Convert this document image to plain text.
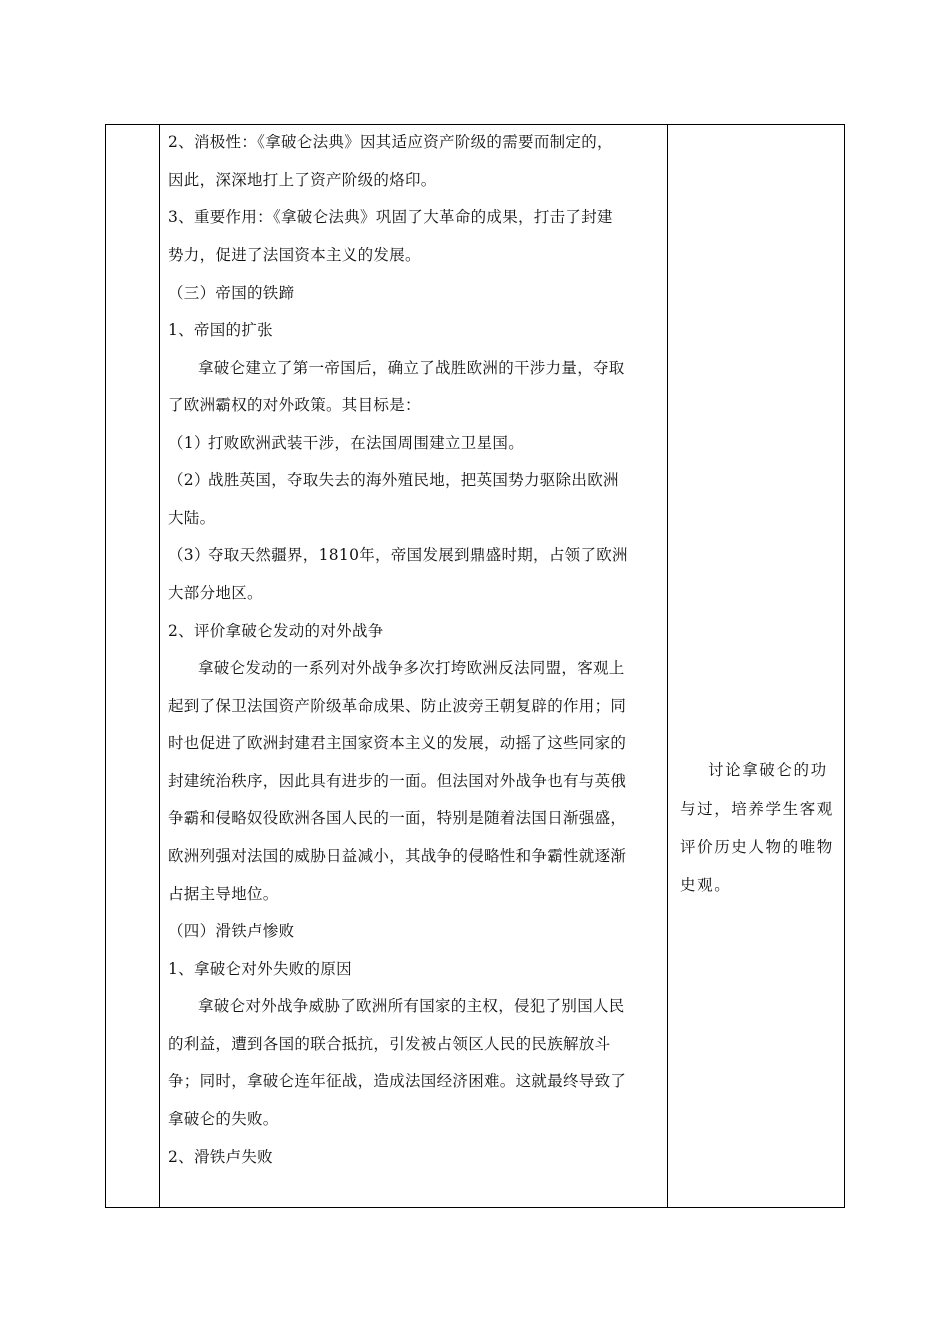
2、消极性：《拿破仑法典》因其适应资产阶级的需要而制定的，
因此，深深地打上了资产阶级的烙印。
3、重要作用：《拿破仑法典》巩固了大革命的成果，打击了封建
势力，促进了法国资本主义的发展。
（三）帝国的铁蹄
1、帝国的扩张
拿破仑建立了第一帝国后，确立了战胜欧洲的干涉力量，夺取
了欧洲霸权的对外政策。其目标是：
（1）打败欧洲武装干涉，在法国周围建立卫星国。
（2）战胜英国，夺取失去的海外殖民地，把英国势力驱除出欧洲
大陆。
（3）夺取天然疆界，1810年，帝国发展到鼎盛时期，占领了欧洲
大部分地区。
2、评价拿破仑发动的对外战争
拿破仑发动的一系列对外战争多次打垮欧洲反法同盟，客观上
起到了保卫法国资产阶级革命成果、防止波旁王朝复辟的作用；同
时也促进了欧洲封建君主国家资本主义的发展，动摇了这些同家的
封建统治秩序，因此具有进步的一面。但法国对外战争也有与英俄
争霸和侵略奴役欧洲各国人民的一面，特别是随着法国日渐强盛，
欧洲列强对法国的威胁日益减小，其战争的侵略性和争霸性就逐渐
占据主导地位。
（四）滑铁卢惨败
1、拿破仑对外失败的原因
拿破仑对外战争威胁了欧洲所有国家的主权，侵犯了别国人民
的利益，遭到各国的联合抵抗，引发被占领区人民的民族解放斗
争；同时，拿破仑连年征战，造成法国经济困难。这就最终导致了
拿破仑的失败。
2、滑铁卢失败
讨论拿破仑的功
与过，培养学生客观
评价历史人物的唯物
史观。
